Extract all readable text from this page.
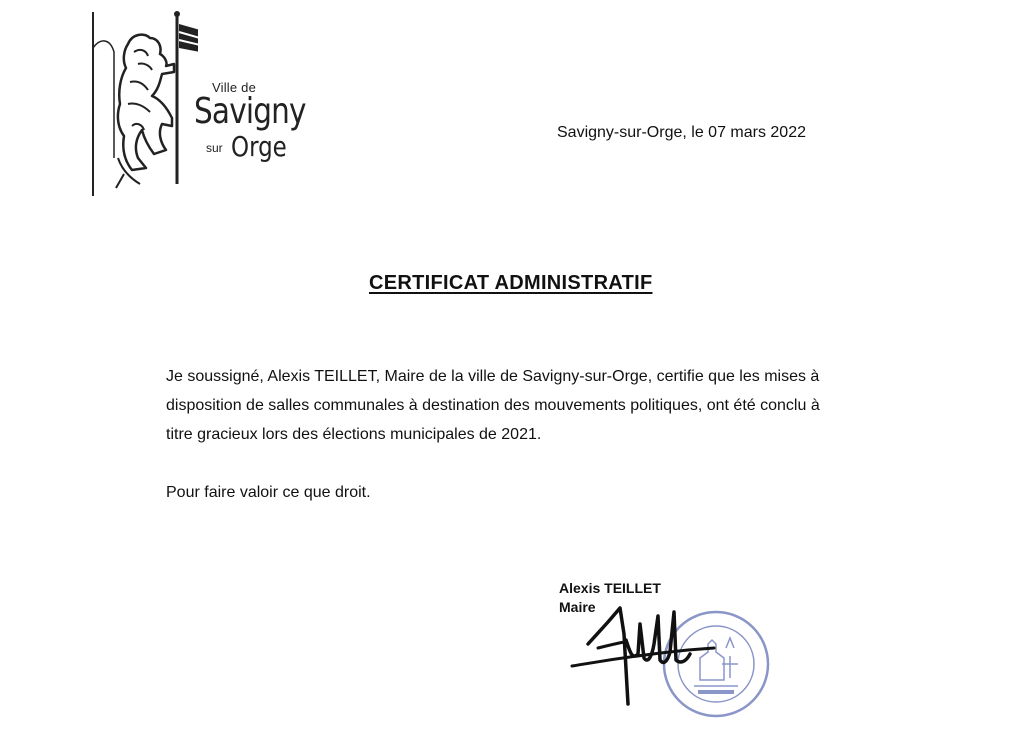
Ville de
Savigny
sur Orge	Savigny-sur-Orge, le 07 mars 2022
CERTIFICAT ADMINISTRATIF

Je soussigné, Alexis TEILLET, Maire de la ville de Savigny-sur-Orge, certifie que les mises à

disposition de salles communales à destination des mouvements politiques, ont été conclu à

titre gracieux lors des élections municipales de 2021.

Pour faire valoir ce que droit.
Alexis TEILLET
Maire
